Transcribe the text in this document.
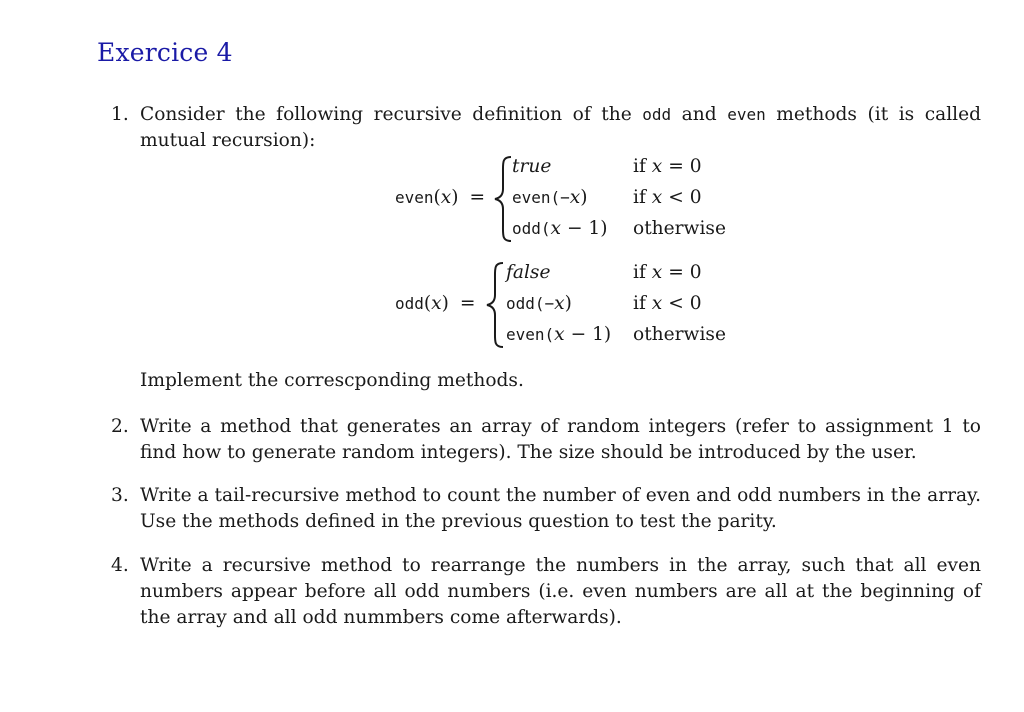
Exercice 4
1. Consider the following recursive definition of the odd and even methods (it is called mutual recursion):
even(x) =
true	if x = 0
even(−x) if x < 0
odd(x − 1) otherwise
odd(x) =
false	if x = 0
odd(−x)	if x < 0
even(x − 1) otherwise
Implement the correscponding methods.
2. Write a method that generates an array of random integers (refer to assignment 1 to find how to generate random integers). The size should be introduced by the user.
3. Write a tail-recursive method to count the number of even and odd numbers in the array. Use the methods defined in the previous question to test the parity.
4. Write a recursive method to rearrange the numbers in the array, such that all even numbers appear before all odd numbers (i.e. even numbers are all at the beginning of the array and all odd nummbers come afterwards).
